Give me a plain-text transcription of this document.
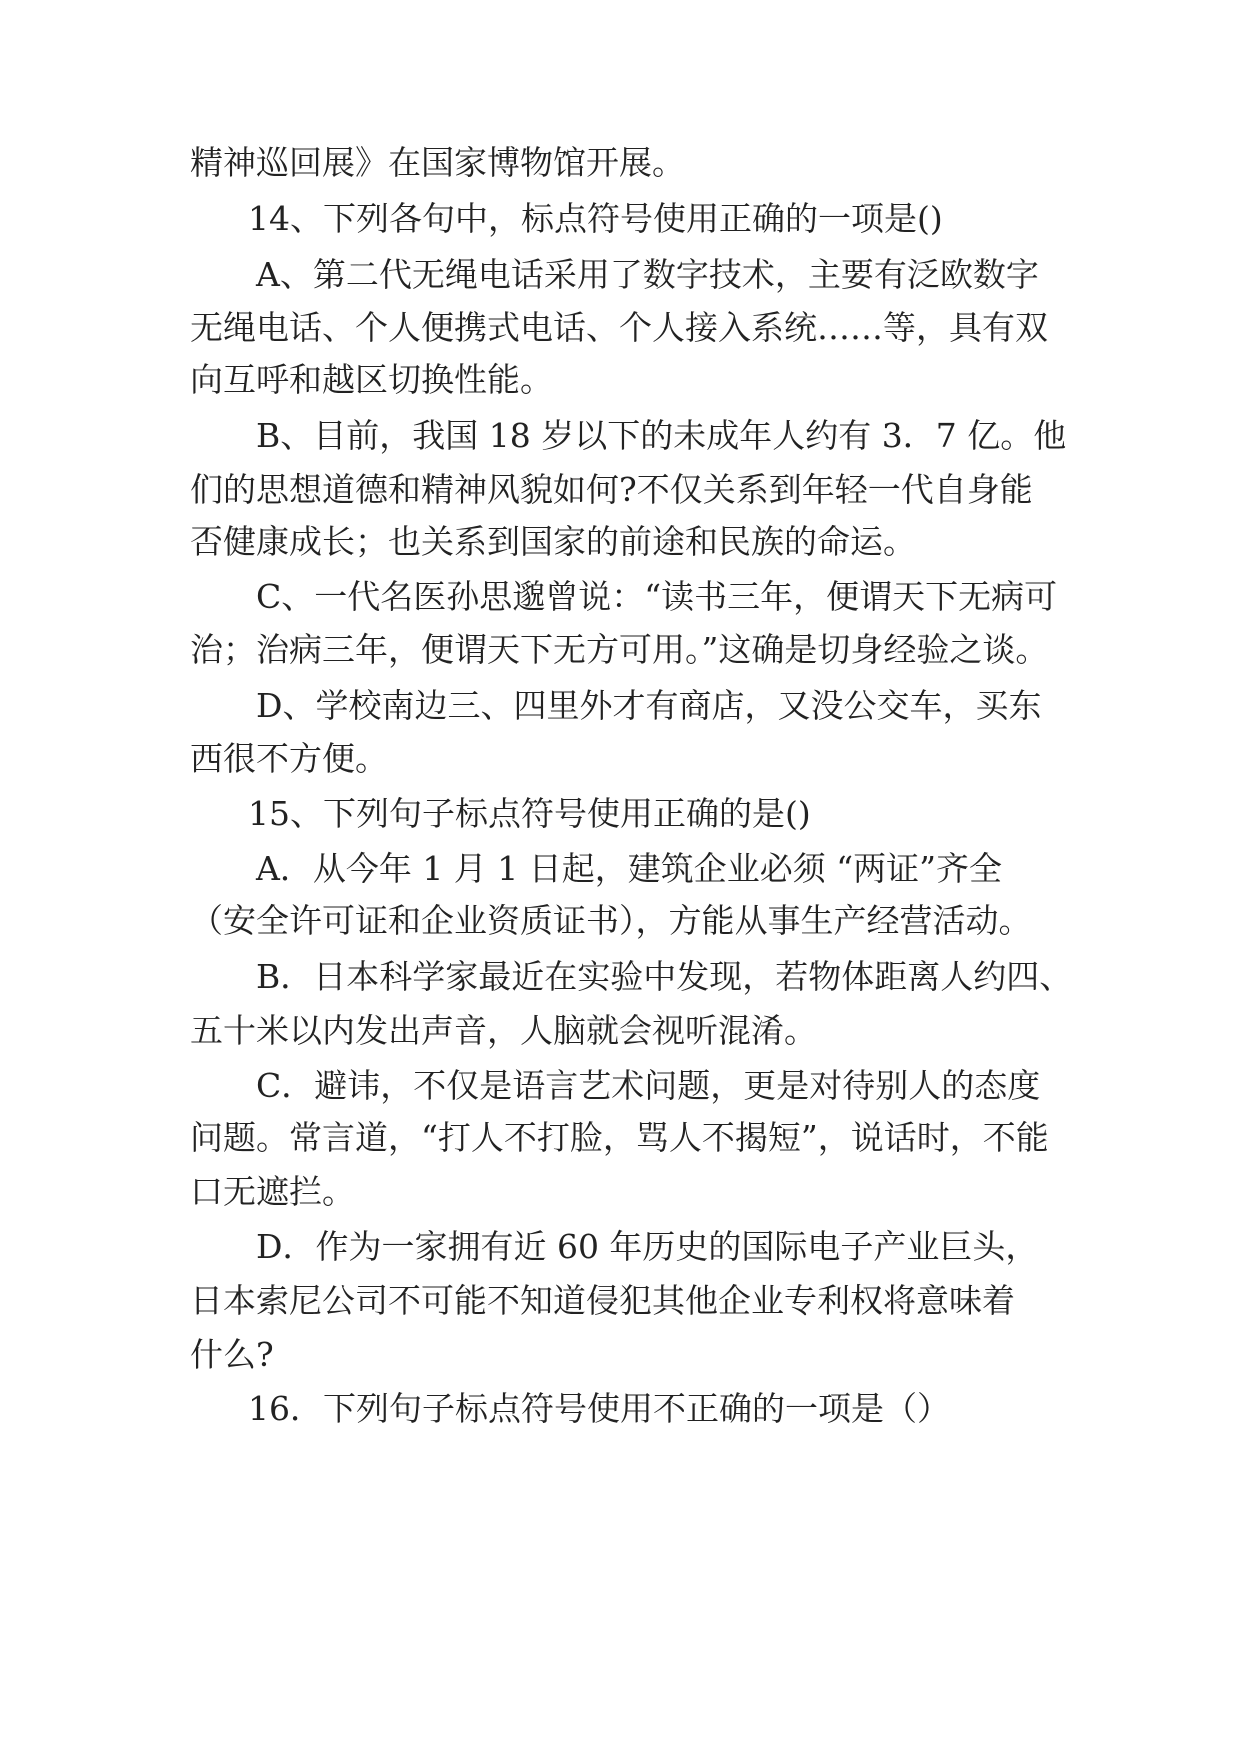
精神巡回展》在国家博物馆开展。
14、下列各句中，标点符号使用正确的一项是()
A、第二代无绳电话采用了数字技术，主要有泛欧数字
无绳电话、个人便携式电话、个人接入系统……等，具有双
向互呼和越区切换性能。
B、目前，我国 18 岁以下的未成年人约有 3．7 亿。他
们的思想道德和精神风貌如何?不仅关系到年轻一代自身能
否健康成长；也关系到国家的前途和民族的命运。
C、一代名医孙思邈曾说：“读书三年，便谓天下无病可
治；治病三年，便谓天下无方可用。”这确是切身经验之谈。
D、学校南边三、四里外才有商店，又没公交车，买东
西很不方便。
15、下列句子标点符号使用正确的是()
A．从今年 1 月 1 日起，建筑企业必须 “两证”齐全
（安全许可证和企业资质证书），方能从事生产经营活动。
B．日本科学家最近在实验中发现，若物体距离人约四、
五十米以内发出声音，人脑就会视听混淆。
C．避讳，不仅是语言艺术问题，更是对待别人的态度
问题。常言道，“打人不打脸，骂人不揭短”，说话时，不能
口无遮拦。
D．作为一家拥有近 60 年历史的国际电子产业巨头，
日本索尼公司不可能不知道侵犯其他企业专利权将意味着
什么?
16．下列句子标点符号使用不正确的一项是（）
